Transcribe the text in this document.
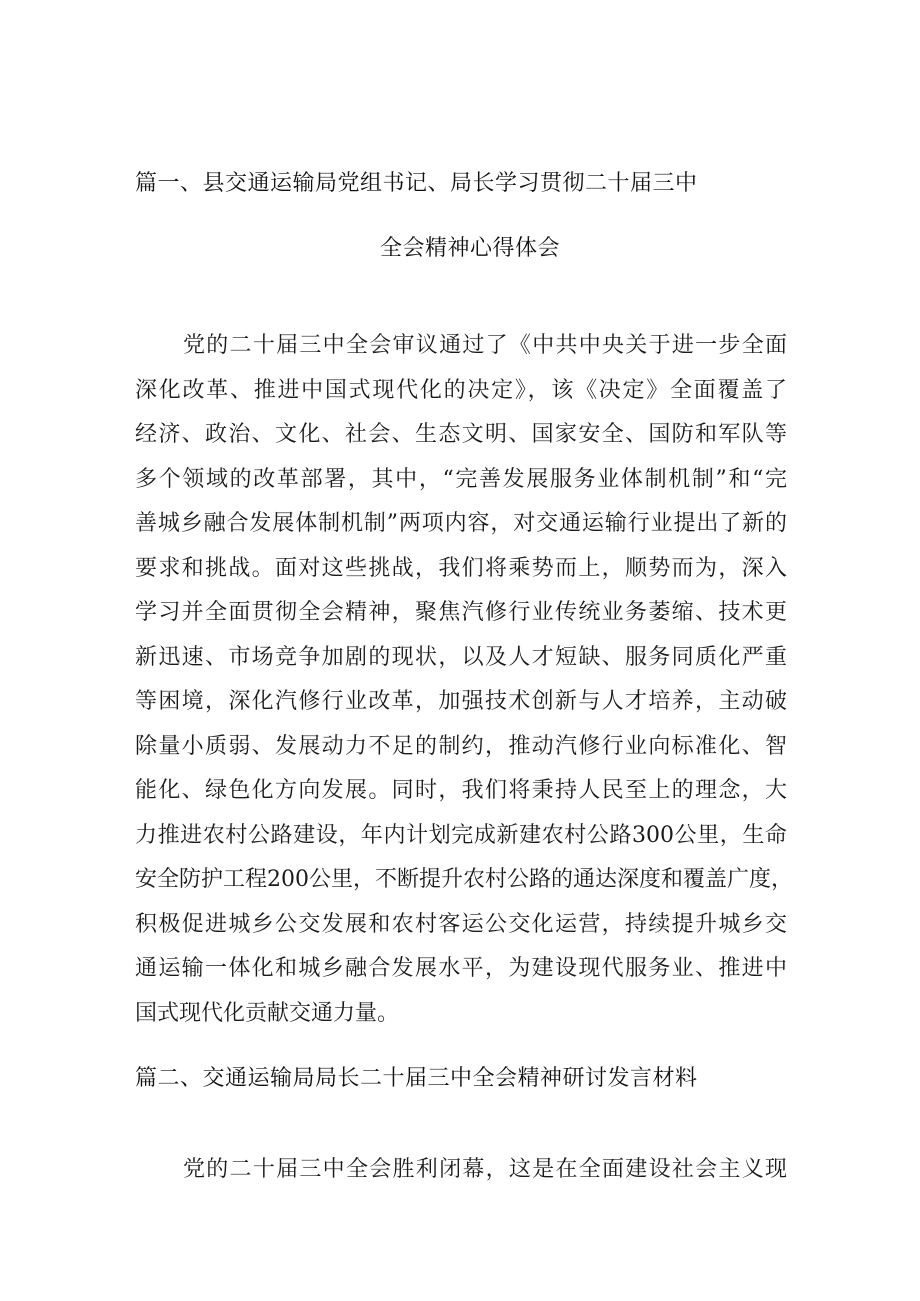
篇一、县交通运输局党组书记、局长学习贯彻二十届三中
全会精神心得体会
党的二十届三中全会审议通过了《中共中央关于进一步全面
深化改革、推进中国式现代化的决定》，该《决定》全面覆盖了
经济、政治、文化、社会、生态文明、国家安全、国防和军队等
多个领域的改革部署，其中，“完善发展服务业体制机制”和“完
善城乡融合发展体制机制”两项内容，对交通运输行业提出了新的
要求和挑战。面对这些挑战，我们将乘势而上，顺势而为，深入
学习并全面贯彻全会精神，聚焦汽修行业传统业务萎缩、技术更
新迅速、市场竞争加剧的现状，以及人才短缺、服务同质化严重
等困境，深化汽修行业改革，加强技术创新与人才培养，主动破
除量小质弱、发展动力不足的制约，推动汽修行业向标准化、智
能化、绿色化方向发展。同时，我们将秉持人民至上的理念，大
力推进农村公路建设，年内计划完成新建农村公路300公里，生命
安全防护工程200公里，不断提升农村公路的通达深度和覆盖广度，
积极促进城乡公交发展和农村客运公交化运营，持续提升城乡交
通运输一体化和城乡融合发展水平，为建设现代服务业、推进中
国式现代化贡献交通力量。
篇二、交通运输局局长二十届三中全会精神研讨发言材料
党的二十届三中全会胜利闭幕，这是在全面建设社会主义现
